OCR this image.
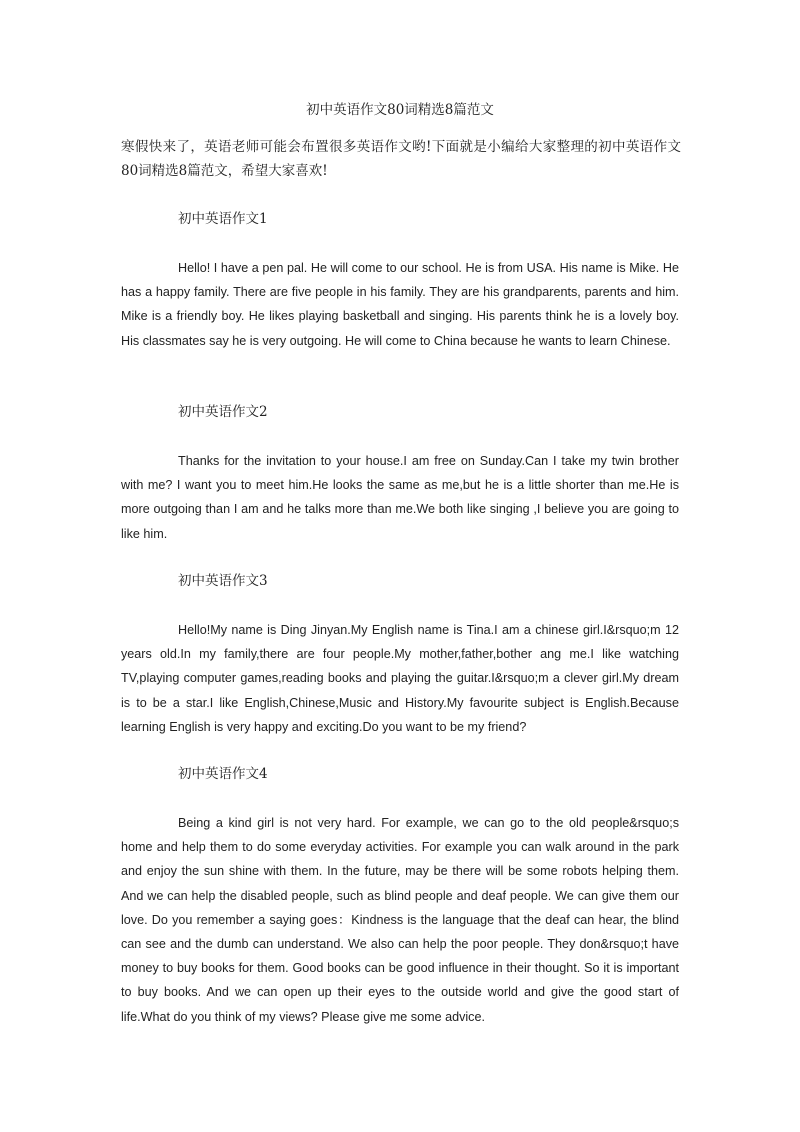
初中英语作文80词精选8篇范文

寒假快来了，英语老师可能会布置很多英语作文哟!下面就是小编给大家整理的初中英语作文80词精选8篇范文，希望大家喜欢!

初中英语作文1

Hello! I have a pen pal. He will come to our school. He is from USA. His name is Mike. He has a happy family. There are five people in his family. They are his grandparents, parents and him. Mike is a friendly boy. He likes playing basketball and singing. His parents think he is a lovely boy. His classmates say he is very outgoing. He will come to China because he wants to learn Chinese.

初中英语作文2

Thanks for the invitation to your house.I am free on Sunday.Can I take my twin brother with me? I want you to meet him.He looks the same as me,but he is a little shorter than me.He is more outgoing than I am and he talks more than me.We both like singing ,I believe you are going to like him.

初中英语作文3

Hello!My name is Ding Jinyan.My English name is Tina.I am a chinese girl.I&rsquo;m 12 years old.In my family,there are four people.My mother,father,bother ang me.I like watching TV,playing computer games,reading books and playing the guitar.I&rsquo;m a clever girl.My dream is to be a star.I like English,Chinese,Music and History.My favourite subject is English.Because learning English is very happy and exciting.Do you want to be my friend?

初中英语作文4

Being a kind girl is not very hard. For example, we can go to the old people&rsquo;s home and help them to do some everyday activities. For example you can walk around in the park and enjoy the sun shine with them. In the future, may be there will be some robots helping them. And we can help the disabled people, such as blind people and deaf people. We can give them our love. Do you remember a saying goes：Kindness is the language that the deaf can hear, the blind can see and the dumb can understand. We also can help the poor people. They don&rsquo;t have money to buy books for them. Good books can be good influence in their thought. So it is important to buy books. And we can open up their eyes to the outside world and give the good start of life.What do you think of my views? Please give me some advice.
